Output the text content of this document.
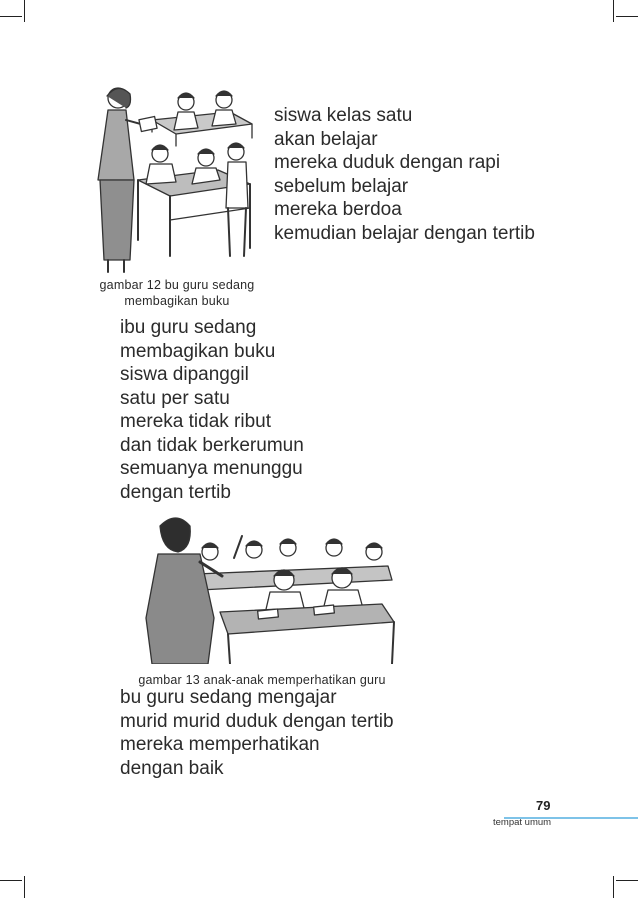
gambar 12 bu guru sedang
membagikan buku
siswa kelas satu
akan belajar
mereka duduk dengan rapi
sebelum belajar
mereka berdoa
kemudian belajar dengan tertib
ibu guru sedang
membagikan buku
siswa dipanggil
satu per satu
mereka tidak ribut
dan tidak berkerumun
semuanya menunggu
dengan tertib
gambar 13 anak-anak memperhatikan guru
bu guru sedang mengajar
murid murid duduk dengan tertib
mereka memperhatikan
dengan baik
79
tempat umum
